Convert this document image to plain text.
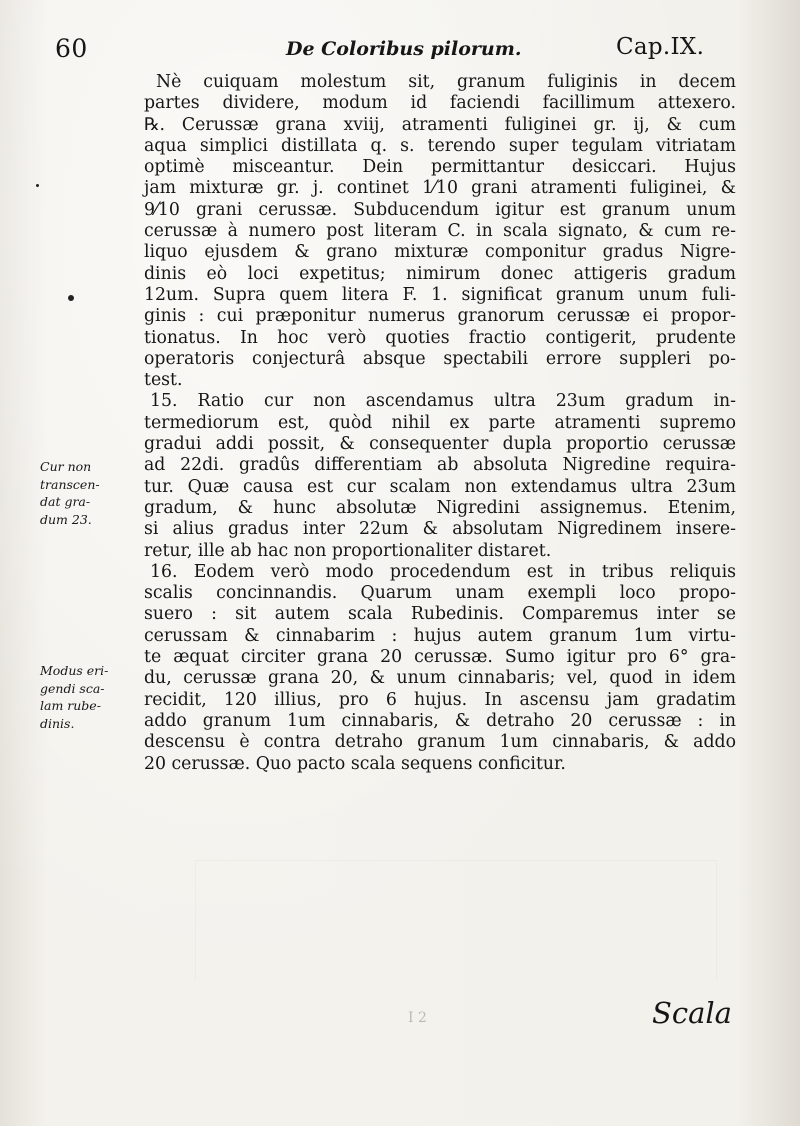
60	De Coloribus pilorum.	Cap.IX.
Nè cuiquam molestum sit, granum fuliginis in decem
partes dividere, modum id faciendi facillimum attexero.
℞. Cerussæ grana xviij, atramenti fuliginei gr. ij, & cum
aqua simplici distillata q. s. terendo super tegulam vitriatam
optimè misceantur. Dein permittantur desiccari. Hujus
jam mixturæ gr. j. continet 1⁄10 grani atramenti fuliginei, &
9⁄10 grani cerussæ. Subducendum igitur est granum unum
cerussæ à numero post literam C. in scala signato, & cum re-
liquo ejusdem & grano mixturæ componitur gradus Nigre-
dinis eò loci expetitus; nimirum donec attigeris gradum
12um. Supra quem litera F. 1. significat granum unum fuli-
ginis : cui præponitur numerus granorum cerussæ ei propor-
tionatus. In hoc verò quoties fractio contigerit, prudente
operatoris conjecturâ absque spectabili errore suppleri po-
test.
15. Ratio cur non ascendamus ultra 23um gradum in-
termediorum est, quòd nihil ex parte atramenti supremo
gradui addi possit, & consequenter dupla proportio cerussæ
ad 22di. gradûs differentiam ab absoluta Nigredine requira-
tur. Quæ causa est cur scalam non extendamus ultra 23um
gradum, & hunc absolutæ Nigredini assignemus. Etenim,
si alius gradus inter 22um & absolutam Nigredinem insere-
retur, ille ab hac non proportionaliter distaret.
16. Eodem verò modo procedendum est in tribus reliquis
scalis concinnandis. Quarum unam exempli loco propo-
suero : sit autem scala Rubedinis. Comparemus inter se
cerussam & cinnabarim : hujus autem granum 1um virtu-
te æquat circiter grana 20 cerussæ. Sumo igitur pro 6° gra-
du, cerussæ grana 20, & unum cinnabaris; vel, quod in idem
recidit, 120 illius, pro 6 hujus. In ascensu jam gradatim
addo granum 1um cinnabaris, & detraho 20 cerussæ : in
descensu è contra detraho granum 1um cinnabaris, & addo
20 cerussæ. Quo pacto scala sequens conficitur.
Cur non
transcen-
dat gra-
dum 23.
Modus eri-
gendi sca-
lam rube-
dinis.
I 2	Scala
